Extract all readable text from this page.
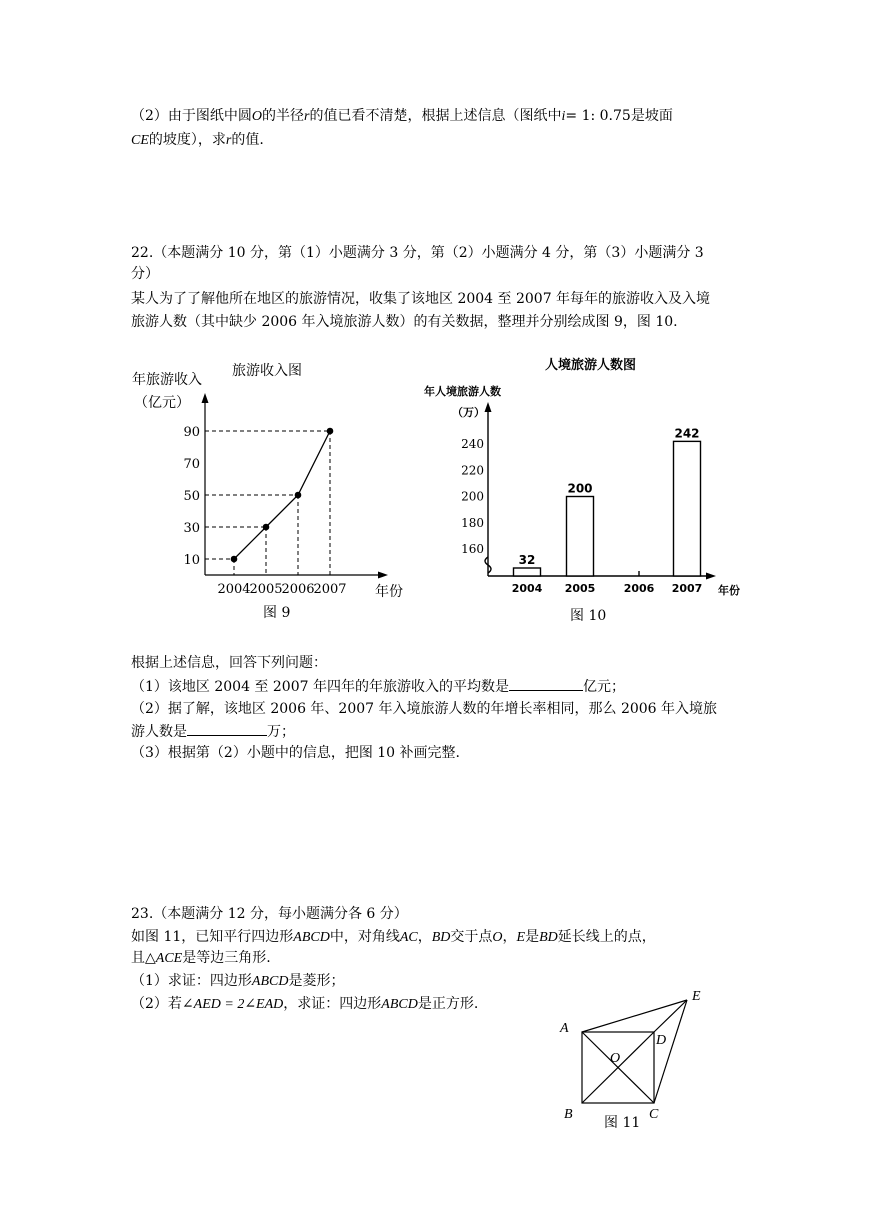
（2）由于图纸中圆O的半径r的值已看不清楚，根据上述信息（图纸中i= 1: 0.75是坡面
CE的坡度），求r的值.
22.（本题满分 10 分，第（1）小题满分 3 分，第（2）小题满分 4 分，第（3）小题满分 3
分）
某人为了了解他所在地区的旅游情况，收集了该地区 2004 至 2007 年每年的旅游收入及入境
旅游人数（其中缺少 2006 年入境旅游人数）的有关数据，整理并分别绘成图 9，图 10.
旅游收入图
年旅游收入
（亿元）
10
30
50
70
90
2004
2005
2006
2007 年份
图 9
人境旅游人数图
年人境旅游人数
（万）
160
180
200
220
240
32
200
242
2004 2005	2006 2007 年份
图 10
根据上述信息，回答下列问题：
（1）该地区 2004 至 2007 年四年的年旅游收入的平均数是	亿元；
（2）据了解，该地区 2006 年、2007 年入境旅游人数的年增长率相同，那么 2006 年入境旅
游人数是	万；
（3）根据第（2）小题中的信息，把图 10 补画完整.
23.（本题满分 12 分，每小题满分各 6 分）
如图 11，已知平行四边形ABCD中，对角线AC，BD交于点O，E是BD延长线上的点，
且△ACE是等边三角形.
（1）求证：四边形ABCD是菱形；
（2）若∠AED = 2∠EAD，求证：四边形ABCD是正方形.
A
D
E
O
B	C
图 11
